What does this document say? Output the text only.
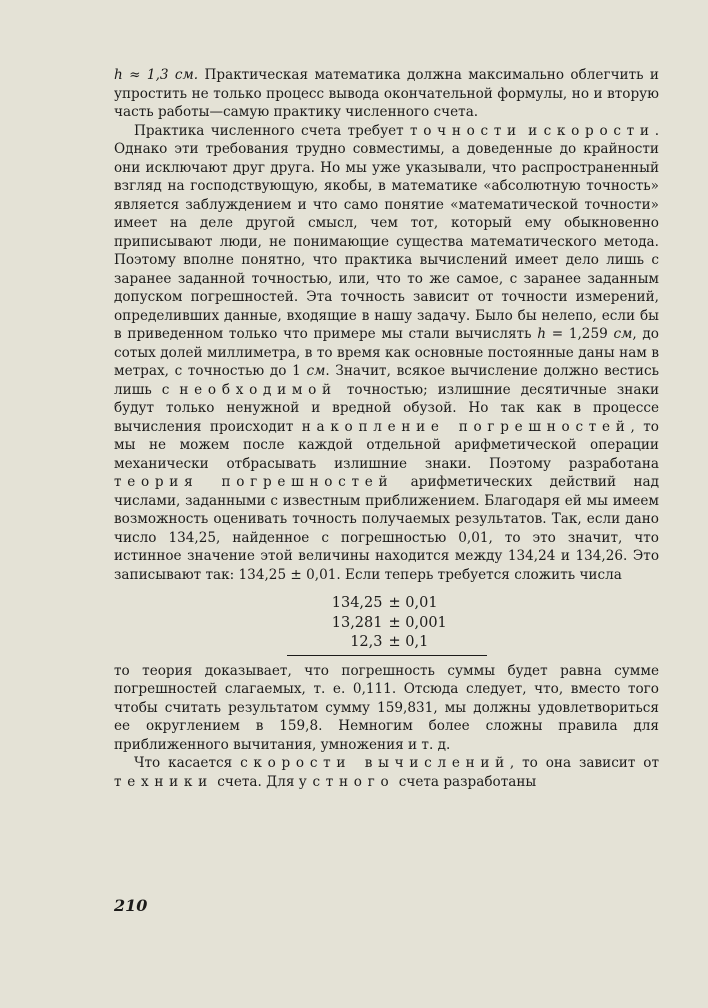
h ≈ 1,3 см. Практическая математика должна максимально облегчить и упростить не только процесс вывода окончательной формулы, но и вторую часть работы—самую практику численного счета.

Практика численного счета требует точности и скорости. Однако эти требования трудно совместимы, а доведенные до крайности они исключают друг друга. Но мы уже указывали, что распространенный взгляд на господствующую, якобы, в математике «абсолютную точность» является заблуждением и что само понятие «математической точности» имеет на деле другой смысл, чем тот, который ему обыкновенно приписывают люди, не понимающие существа математического метода. Поэтому вполне понятно, что практика вычислений имеет дело лишь с заранее заданной точностью, или, что то же самое, с заранее заданным допуском погрешностей. Эта точность зависит от точности измерений, определивших данные, входящие в нашу задачу. Было бы нелепо, если бы в приведенном только что примере мы стали вычислять h = 1,259 см, до сотых долей миллиметра, в то время как основные постоянные даны нам в метрах, с точностью до 1 см. Значит, всякое вычисление должно вестись лишь с необходимой точностью; излишние десятичные знаки будут только ненужной и вредной обузой. Но так как в процессе вычисления происходит накопление погрешностей, то мы не можем после каждой отдельной арифметической операции механически отбрасывать излишние знаки. Поэтому разработана теория погрешностей арифметических действий над числами, заданными с известным приближением. Благодаря ей мы имеем возможность оценивать точность получаемых результатов. Так, если дано число 134,25, найденное с погрешностью 0,01, то это значит, что истинное значение этой величины находится между 134,24 и 134,26. Это записывают так: 134,25 ± 0,01. Если теперь требуется сложить числа

134,25 ± 0,01
13,281 ± 0,001
12,3 ± 0,1

то теория доказывает, что погрешность суммы будет равна сумме погрешностей слагаемых, т. е. 0,111. Отсюда следует, что, вместо того чтобы считать результатом сумму 159,831, мы должны удовлетвориться ее округлением в 159,8. Немногим более сложны правила для приближенного вычитания, умножения и т. д.

Что касается скорости вычислений, то она зависит от техники счета. Для устного счета разработаны

210
